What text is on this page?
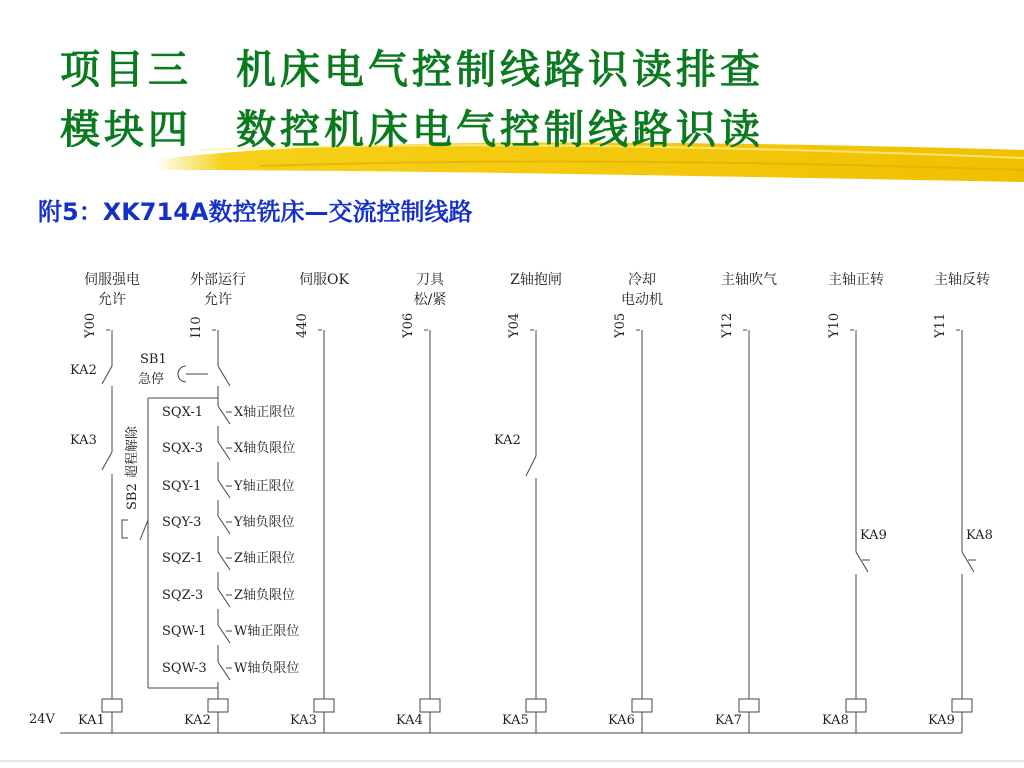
项目三　机床电气控制线路识读排查
模块四　数控机床电气控制线路识读
附5：XK714A数控铣床—交流控制线路
伺服强电
允许
外部运行
允许
伺服OK	刀具
松/紧
Z轴抱闸	冷却
电动机
主轴吹气	主轴正转	主轴反转
Y00
KA1
I10
KA2
440
KA3
Y06
KA4
Y04
KA5
Y05
KA6
Y12
KA7
Y10
KA8
Y11
KA9
SQX-1 X轴正限位
SQX-3 X轴负限位
SQY-1	Y轴正限位
SQY-3	Y轴负限位
SQZ-1 Z轴正限位
SQZ-3 Z轴负限位
SQW-1 W轴正限位
SQW-3 W轴负限位
KA2
KA3
24V
SB1
急停
SB2
超程解除	KA2
KA9	KA8
